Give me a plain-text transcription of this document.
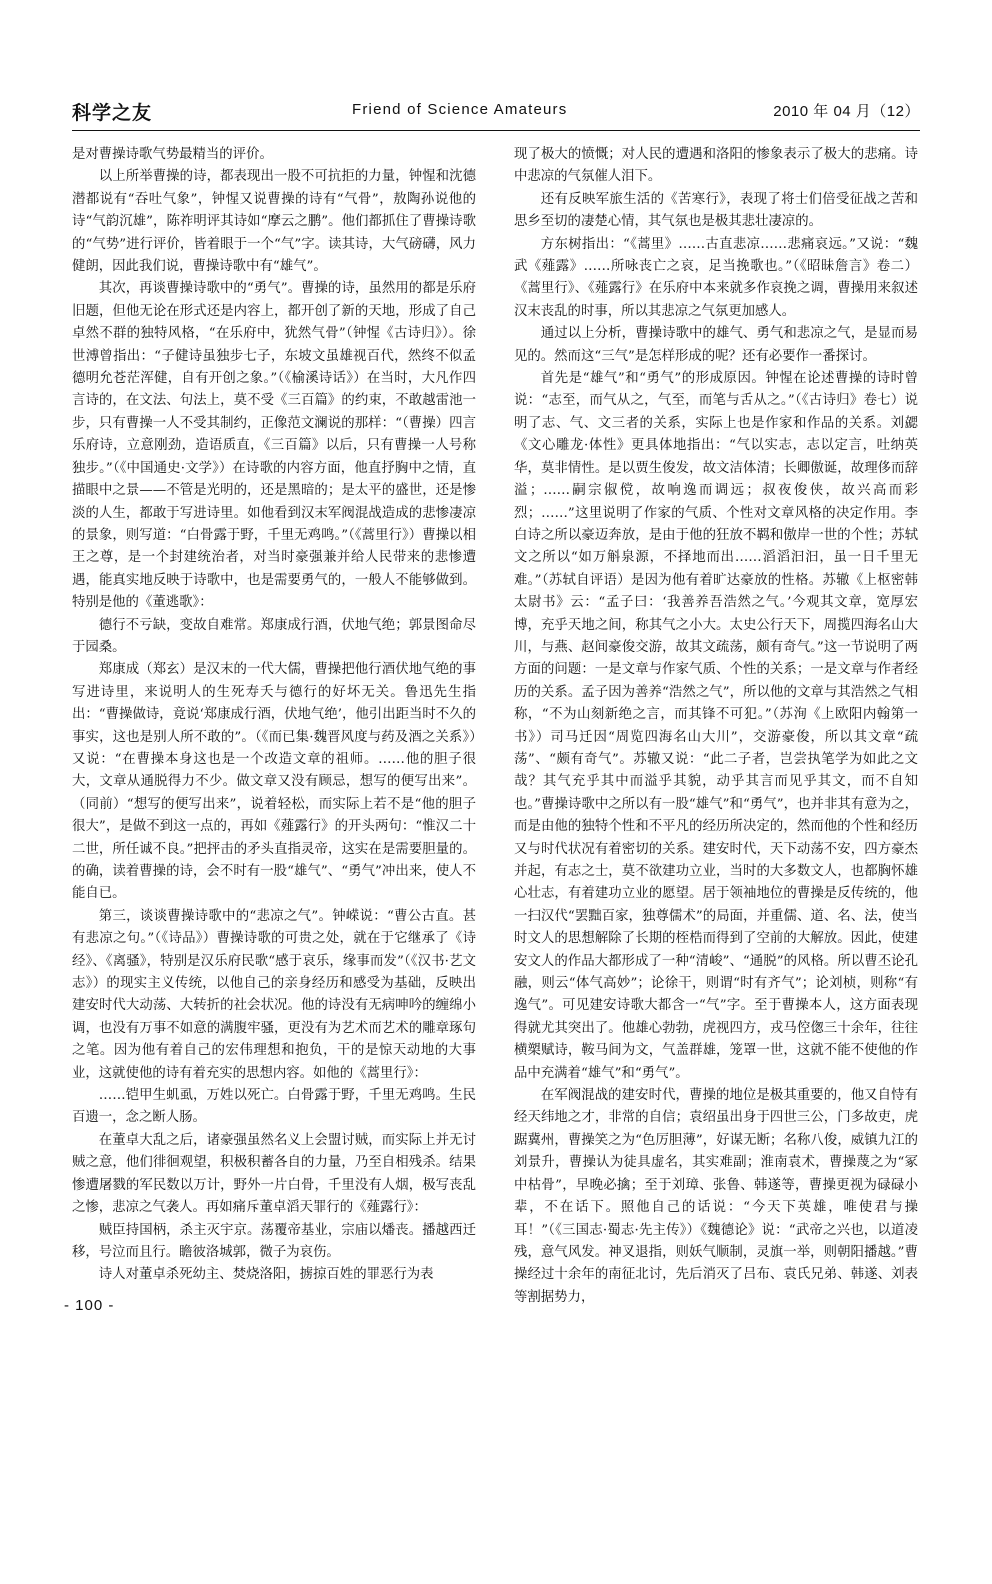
科学之友	Friend of Science Amateurs	2010 年 04 月（12）

是对曹操诗歌气势最精当的评价。

以上所举曹操的诗，都表现出一股不可抗拒的力量，钟惺和沈德潜都说有“吞吐气象”，钟惺又说曹操的诗有“气骨”，敖陶孙说他的诗“气韵沉雄”，陈祚明评其诗如“摩云之鹏”。他们都抓住了曹操诗歌的“气势”进行评价，皆着眼于一个“气”字。读其诗，大气磅礴，风力健朗，因此我们说，曹操诗歌中有“雄气”。

其次，再谈曹操诗歌中的“勇气”。曹操的诗，虽然用的都是乐府旧题，但他无论在形式还是内容上，都开创了新的天地，形成了自己卓然不群的独特风格，“在乐府中，犹然气骨”（钟惺《古诗归》）。徐世溥曾指出：“子健诗虽独步七子，东坡文虽雄视百代，然终不似孟德明允苍茫浑健，自有开创之象。”（《榆溪诗话》）在当时，大凡作四言诗的，在文法、句法上，莫不受《三百篇》的约束，不敢越雷池一步，只有曹操一人不受其制约，正像范文澜说的那样：“（曹操）四言乐府诗，立意刚劲，造语质直，《三百篇》以后，只有曹操一人号称独步。”（《中国通史·文学》）在诗歌的内容方面，他直抒胸中之情，直描眼中之景——不管是光明的，还是黑暗的；是太平的盛世，还是惨淡的人生，都敢于写进诗里。如他看到汉末军阀混战造成的悲惨凄凉的景象，则写道：“白骨露于野，千里无鸡鸣。”（《蒿里行》）曹操以相王之尊，是一个封建统治者，对当时豪强兼并给人民带来的悲惨遭遇，能真实地反映于诗歌中，也是需要勇气的，一般人不能够做到。特别是他的《董逃歌》：

德行不亏缺，变故自难常。郑康成行酒，伏地气绝；郭景图命尽于园桑。

郑康成（郑玄）是汉末的一代大儒，曹操把他行酒伏地气绝的事写进诗里，来说明人的生死寿夭与德行的好坏无关。鲁迅先生指出：“曹操做诗，竟说‘郑康成行酒，伏地气绝’，他引出距当时不久的事实，这也是别人所不敢的”。（《而已集·魏晋风度与药及酒之关系》）又说：“在曹操本身这也是一个改造文章的祖师。……他的胆子很大，文章从通脱得力不少。做文章又没有顾忌，想写的便写出来”。（同前）“想写的便写出来”，说着轻松，而实际上若不是“他的胆子很大”，是做不到这一点的，再如《薤露行》的开头两句：“惟汉二十二世，所任诚不良。”把抨击的矛头直指灵帝，这实在是需要胆量的。的确，读着曹操的诗，会不时有一股“雄气”、“勇气”冲出来，使人不能自已。

第三，谈谈曹操诗歌中的“悲凉之气”。钟嵘说：“曹公古直。甚有悲凉之句。”（《诗品》）曹操诗歌的可贵之处，就在于它继承了《诗经》、《离骚》，特别是汉乐府民歌“感于哀乐，缘事而发”（《汉书·艺文志》）的现实主义传统，以他自己的亲身经历和感受为基础，反映出建安时代大动荡、大转折的社会状况。他的诗没有无病呻吟的缠绵小调，也没有万事不如意的满腹牢骚，更没有为艺术而艺术的雕章琢句之笔。因为他有着自己的宏伟理想和抱负，干的是惊天动地的大事业，这就使他的诗有着充实的思想内容。如他的《蒿里行》：

……铠甲生虮虱，万姓以死亡。白骨露于野，千里无鸡鸣。生民百遗一，念之断人肠。

在董卓大乱之后，诸豪强虽然名义上会盟讨贼，而实际上并无讨贼之意，他们徘徊观望，积极积蓄各自的力量，乃至自相残杀。结果惨遭屠戮的军民数以万计，野外一片白骨，千里没有人烟，极写丧乱之惨，悲凉之气袭人。再如痛斥董卓滔天罪行的《薤露行》：

贼臣持国柄，杀主灭宇京。荡覆帝基业，宗庙以燔丧。播越西迁移，号泣而且行。瞻彼洛城郭，微子为哀伤。

诗人对董卓杀死幼主、焚烧洛阳，掳掠百姓的罪恶行为表

现了极大的愤慨；对人民的遭遇和洛阳的惨象表示了极大的悲痛。诗中悲凉的气氛催人泪下。

还有反映军旅生活的《苦寒行》，表现了将士们倍受征战之苦和思乡至切的凄楚心情，其气氛也是极其悲壮凄凉的。

方东树指出：“《蒿里》……古直悲凉……悲痛哀远。”又说：“魏武《薤露》……所咏丧亡之哀，足当挽歌也。”（《昭昧詹言》卷二）《蒿里行》、《薤露行》在乐府中本来就多作哀挽之调，曹操用来叙述汉末丧乱的时事，所以其悲凉之气氛更加感人。

通过以上分析，曹操诗歌中的雄气、勇气和悲凉之气，是显而易见的。然而这“三气”是怎样形成的呢？还有必要作一番探讨。

首先是“雄气”和“勇气”的形成原因。钟惺在论述曹操的诗时曾说：“志至，而气从之，气至，而笔与舌从之。”（《古诗归》卷七）说明了志、气、文三者的关系，实际上也是作家和作品的关系。刘勰《文心雕龙·体性》更具体地指出：“气以实志，志以定言，吐纳英华，莫非情性。是以贾生俊发，故文洁体清；长卿傲诞，故理侈而辞溢；……嗣宗俶傥，故响逸而调远；叔夜俊侠，故兴高而彩烈；……”这里说明了作家的气质、个性对文章风格的决定作用。李白诗之所以豪迈奔放，是由于他的狂放不羁和傲岸一世的个性；苏轼文之所以“如万斛泉源，不择地而出……滔滔汩汩，虽一日千里无难。”（苏轼自评语）是因为他有着旷达豪放的性格。苏辙《上枢密韩太尉书》云：“孟子曰：‘我善养吾浩然之气。’今观其文章，宽厚宏博，充乎天地之间，称其气之小大。太史公行天下，周揽四海名山大川，与燕、赵间豪俊交游，故其文疏荡，颇有奇气。”这一节说明了两方面的问题：一是文章与作家气质、个性的关系；一是文章与作者经历的关系。孟子因为善养“浩然之气”，所以他的文章与其浩然之气相称，“不为山刻新绝之言，而其锋不可犯。”（苏洵《上欧阳内翰第一书》）司马迁因“周览四海名山大川”，交游豪俊，所以其文章“疏荡”、“颇有奇气”。苏辙又说：“此二子者，岂尝执笔学为如此之文哉？其气充乎其中而溢乎其貌，动乎其言而见乎其文，而不自知也。”曹操诗歌中之所以有一股“雄气”和“勇气”，也并非其有意为之，而是由他的独特个性和不平凡的经历所决定的，然而他的个性和经历又与时代状况有着密切的关系。建安时代，天下动荡不安，四方豪杰并起，有志之士，莫不欲建功立业，当时的大多数文人，也都胸怀雄心壮志，有着建功立业的愿望。居于领袖地位的曹操是反传统的，他一扫汉代“罢黜百家，独尊儒术”的局面，并重儒、道、名、法，使当时文人的思想解除了长期的桎梏而得到了空前的大解放。因此，使建安文人的作品大都形成了一种“清峻”、“通脱”的风格。所以曹丕论孔融，则云“体气高妙”；论徐干，则谓“时有齐气”；论刘桢，则称“有逸气”。可见建安诗歌大都含一“气”字。至于曹操本人，这方面表现得就尤其突出了。他雄心勃勃，虎视四方，戎马倥偬三十余年，往往横槊赋诗，鞍马间为文，气盖群雄，笼罩一世，这就不能不使他的作品中充满着“雄气”和“勇气”。

在军阀混战的建安时代，曹操的地位是极其重要的，他又自恃有经天纬地之才，非常的自信；袁绍虽出身于四世三公，门多故吏，虎踞冀州，曹操笑之为“色厉胆薄”，好谋无断；名称八俊，威镇九江的刘景升，曹操认为徒具虚名，其实难副；淮南袁术，曹操蔑之为“冢中枯骨”，早晚必擒；至于刘璋、张鲁、韩遂等，曹操更视为碌碌小辈，不在话下。照他自己的话说：“今天下英雄，唯使君与操耳！”（《三国志·蜀志·先主传》）《魏德论》说：“武帝之兴也，以道凌残，意气风发。神叉退指，则妖气顺制，灵旗一举，则朝阳播越。”曹操经过十余年的南征北讨，先后消灭了吕布、袁氏兄弟、韩遂、刘表等割据势力，

- 100 -
